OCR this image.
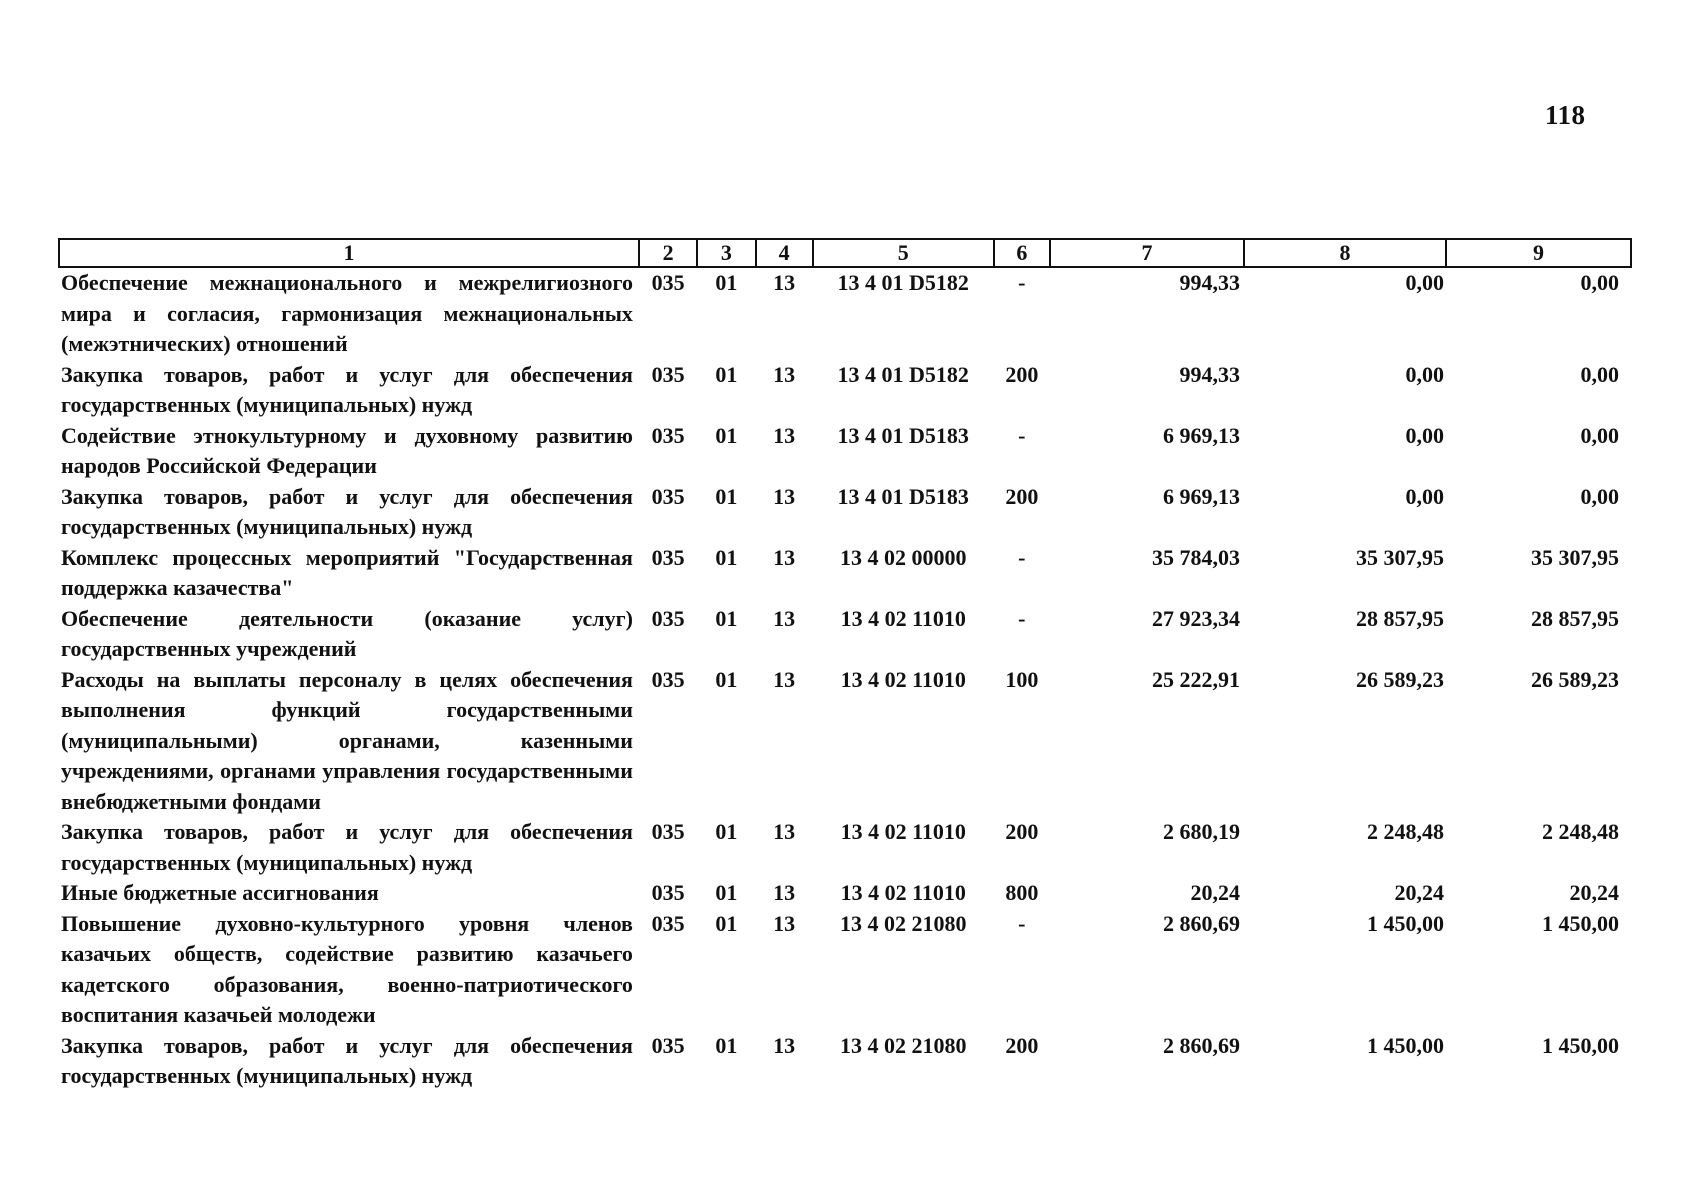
118
1	2	3	4	5	6	7	8	9
Обеспечение межнационального и межрелигиозного мира и согласия, гармонизация межнациональных (межэтнических) отношений	035	01	13	13 4 01 D5182	-	994,33	0,00	0,00
Закупка товаров, работ и услуг для обеспечения государственных (муниципальных) нужд	035	01	13	13 4 01 D5182	200	994,33	0,00	0,00
Содействие этнокультурному и духовному развитию народов Российской Федерации	035	01	13	13 4 01 D5183	-	6 969,13	0,00	0,00
Закупка товаров, работ и услуг для обеспечения государственных (муниципальных) нужд	035	01	13	13 4 01 D5183	200	6 969,13	0,00	0,00
Комплекс процессных мероприятий "Государственная поддержка казачества"	035	01	13	13 4 02 00000	-	35 784,03	35 307,95	35 307,95
Обеспечение деятельности (оказание услуг) государственных учреждений	035	01	13	13 4 02 11010	-	27 923,34	28 857,95	28 857,95
Расходы на выплаты персоналу в целях обеспечения выполнения функций государственными (муниципальными) органами, казенными учреждениями, органами управления государственными внебюджетными фондами	035	01	13	13 4 02 11010	100	25 222,91	26 589,23	26 589,23
Закупка товаров, работ и услуг для обеспечения государственных (муниципальных) нужд	035	01	13	13 4 02 11010	200	2 680,19	2 248,48	2 248,48
Иные бюджетные ассигнования	035	01	13	13 4 02 11010	800	20,24	20,24	20,24
Повышение духовно-культурного уровня членов казачьих обществ, содействие развитию казачьего кадетского образования, военно-патриотического воспитания казачьей молодежи	035	01	13	13 4 02 21080	-	2 860,69	1 450,00	1 450,00
Закупка товаров, работ и услуг для обеспечения государственных (муниципальных) нужд	035	01	13	13 4 02 21080	200	2 860,69	1 450,00	1 450,00
